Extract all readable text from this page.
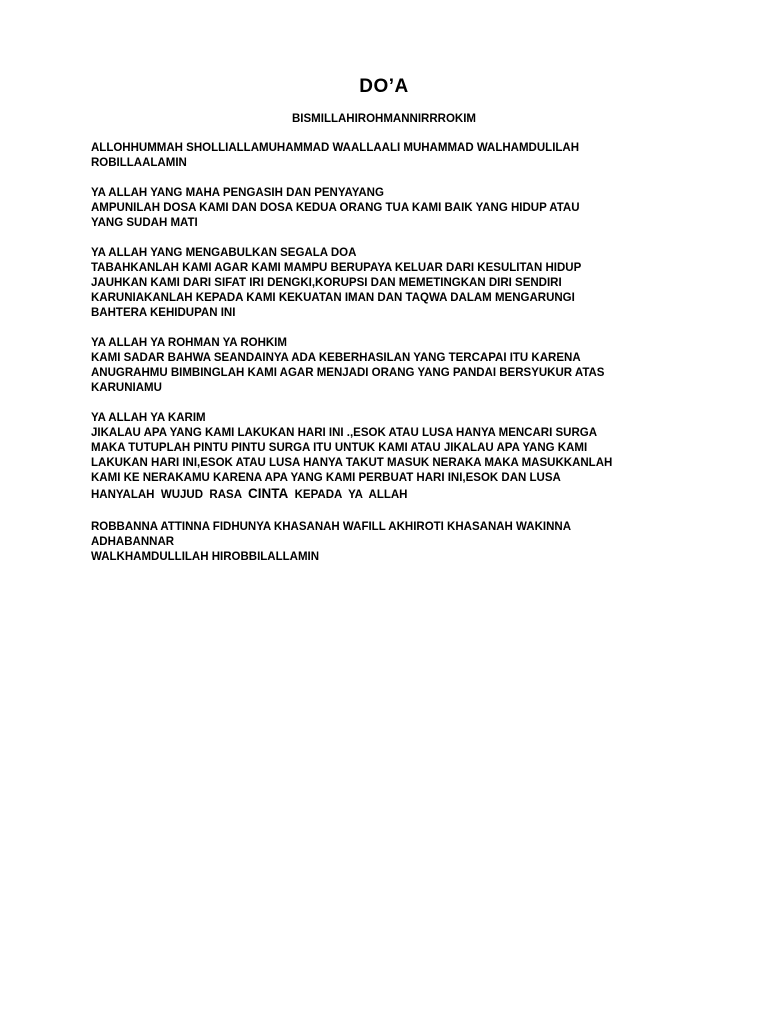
DO’A
BISMILLAHIROHMANNIRRROKIM
ALLOHHUMMAH SHOLLIALLAMUHAMMAD WAALLAALI MUHAMMAD WALHAMDULILAH
ROBILLAALAMIN
YA ALLAH YANG MAHA PENGASIH DAN PENYAYANG
AMPUNILAH DOSA KAMI DAN DOSA KEDUA ORANG TUA KAMI BAIK YANG HIDUP ATAU
YANG SUDAH MATI
YA ALLAH YANG MENGABULKAN SEGALA DOA
TABAHKANLAH KAMI AGAR KAMI MAMPU BERUPAYA KELUAR DARI KESULITAN HIDUP
JAUHKAN KAMI DARI SIFAT IRI DENGKI,KORUPSI DAN MEMETINGKAN DIRI SENDIRI
KARUNIAKANLAH KEPADA KAMI KEKUATAN IMAN DAN TAQWA DALAM MENGARUNGI
BAHTERA KEHIDUPAN INI
YA ALLAH YA ROHMAN YA ROHKIM
KAMI SADAR BAHWA SEANDAINYA ADA KEBERHASILAN YANG TERCAPAI ITU KARENA
ANUGRAHMU BIMBINGLAH KAMI AGAR MENJADI ORANG YANG PANDAI BERSYUKUR ATAS
KARUNIAMU
YA ALLAH YA KARIM
JIKALAU APA YANG KAMI LAKUKAN HARI INI .,ESOK ATAU LUSA HANYA MENCARI SURGA
MAKA TUTUPLAH PINTU PINTU SURGA ITU UNTUK KAMI ATAU JIKALAU APA YANG KAMI
LAKUKAN HARI INI,ESOK ATAU LUSA HANYA TAKUT MASUK NERAKA MAKA MASUKKANLAH
KAMI KE NERAKAMU KARENA APA YANG KAMI PERBUAT HARI INI,ESOK DAN LUSA
HANYALAH  WUJUD  RASA  CINTA  KEPADA  YA  ALLAH
ROBBANNA ATTINNA FIDHUNYA KHASANAH WAFILL AKHIROTI KHASANAH WAKINNA
ADHABANNAR
WALKHAMDULLILAH HIROBBILALLAMIN
